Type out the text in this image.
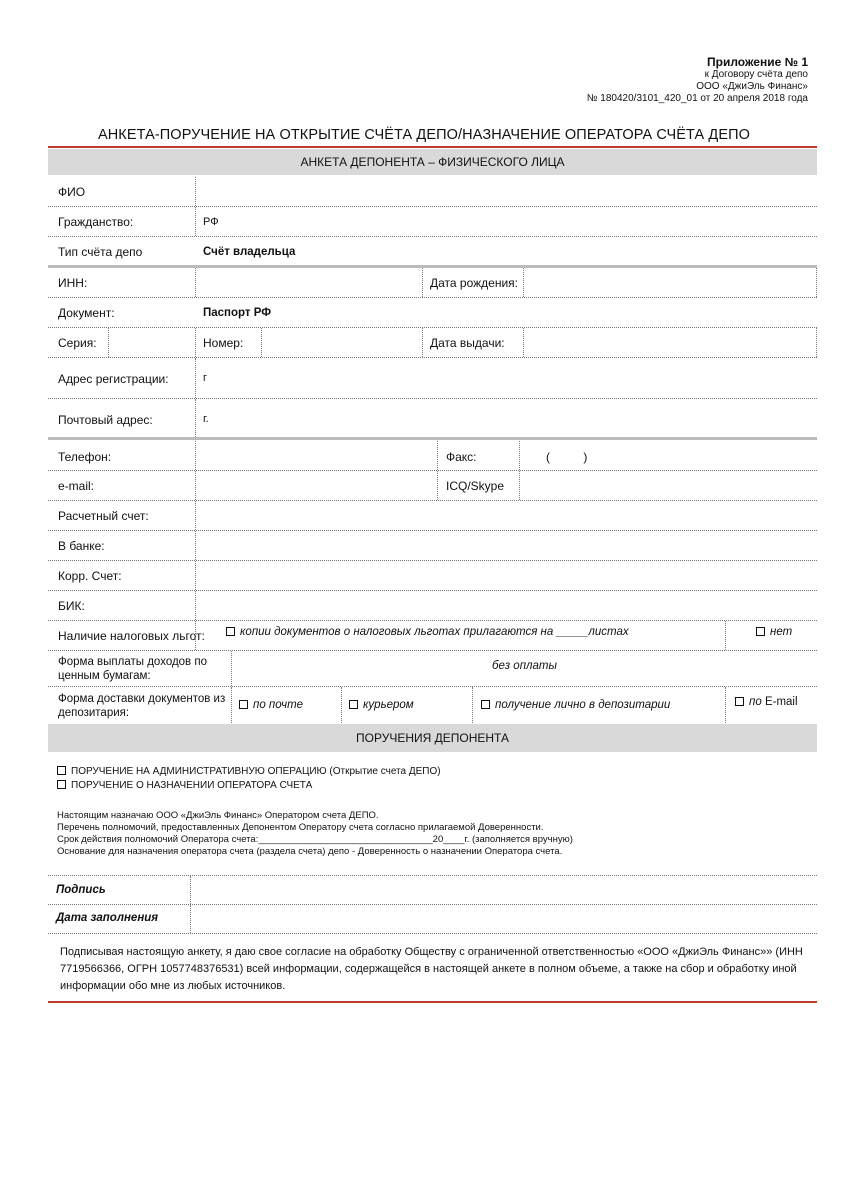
Приложение № 1
к Договору счёта депо
ООО «ДжиЭль Финанс»
№ 180420/3101_420_01 от 20 апреля 2018 года
АНКЕТА-ПОРУЧЕНИЕ НА ОТКРЫТИЕ СЧЁТА ДЕПО/НАЗНАЧЕНИЕ ОПЕРАТОРА СЧЁТА ДЕПО
АНКЕТА ДЕПОНЕНТА – ФИЗИЧЕСКОГО ЛИЦА
ФИО
Гражданство:	РФ
Тип счёта депо	Счёт владельца
ИНН:	Дата рождения:
Документ:	Паспорт РФ
Серия:	Номер:	Дата выдачи:
Адрес регистрации:	г
Почтовый адрес:	г.
Телефон:	Факс:	(          )
e-mail:	ICQ/Skype
Расчетный счет:
В банке:
Корр. Счет:
БИК:
Наличие налоговых льгот:	копии документов о налоговых льготах прилагаются на _____листах	нет
Форма выплаты доходов по
ценным бумагам:
без оплаты
Форма доставки документов из
депозитария:
по почте	курьером	получение лично в депозитарии	по E-mail
ПОРУЧЕНИЯ ДЕПОНЕНТА
ПОРУЧЕНИЕ НА АДМИНИСТРАТИВНУЮ ОПЕРАЦИЮ (Открытие счета ДЕПО)
ПОРУЧЕНИЕ О НАЗНАЧЕНИИ ОПЕРАТОРА СЧЕТА
Настоящим назначаю ООО «ДжиЭль Финанс» Оператором счета ДЕПО.
Перечень полномочий, предоставленных Депонентом Оператору счета согласно прилагаемой Доверенности.
Срок действия полномочий Оператора счета:_________________________________20____г. (заполняется вручную)
Основание для назначения оператора счета (раздела счета) депо - Доверенность о назначении Оператора счета.
Подпись
Дата заполнения
Подписывая настоящую анкету, я даю свое согласие на обработку Обществу с ограниченной ответственностью «ООО «ДжиЭль Финанс»» (ИНН
7719566366, ОГРН 1057748376531) всей информации, содержащейся в настоящей анкете в полном объеме, а также на сбор и обработку иной
информации обо мне из любых источников.
